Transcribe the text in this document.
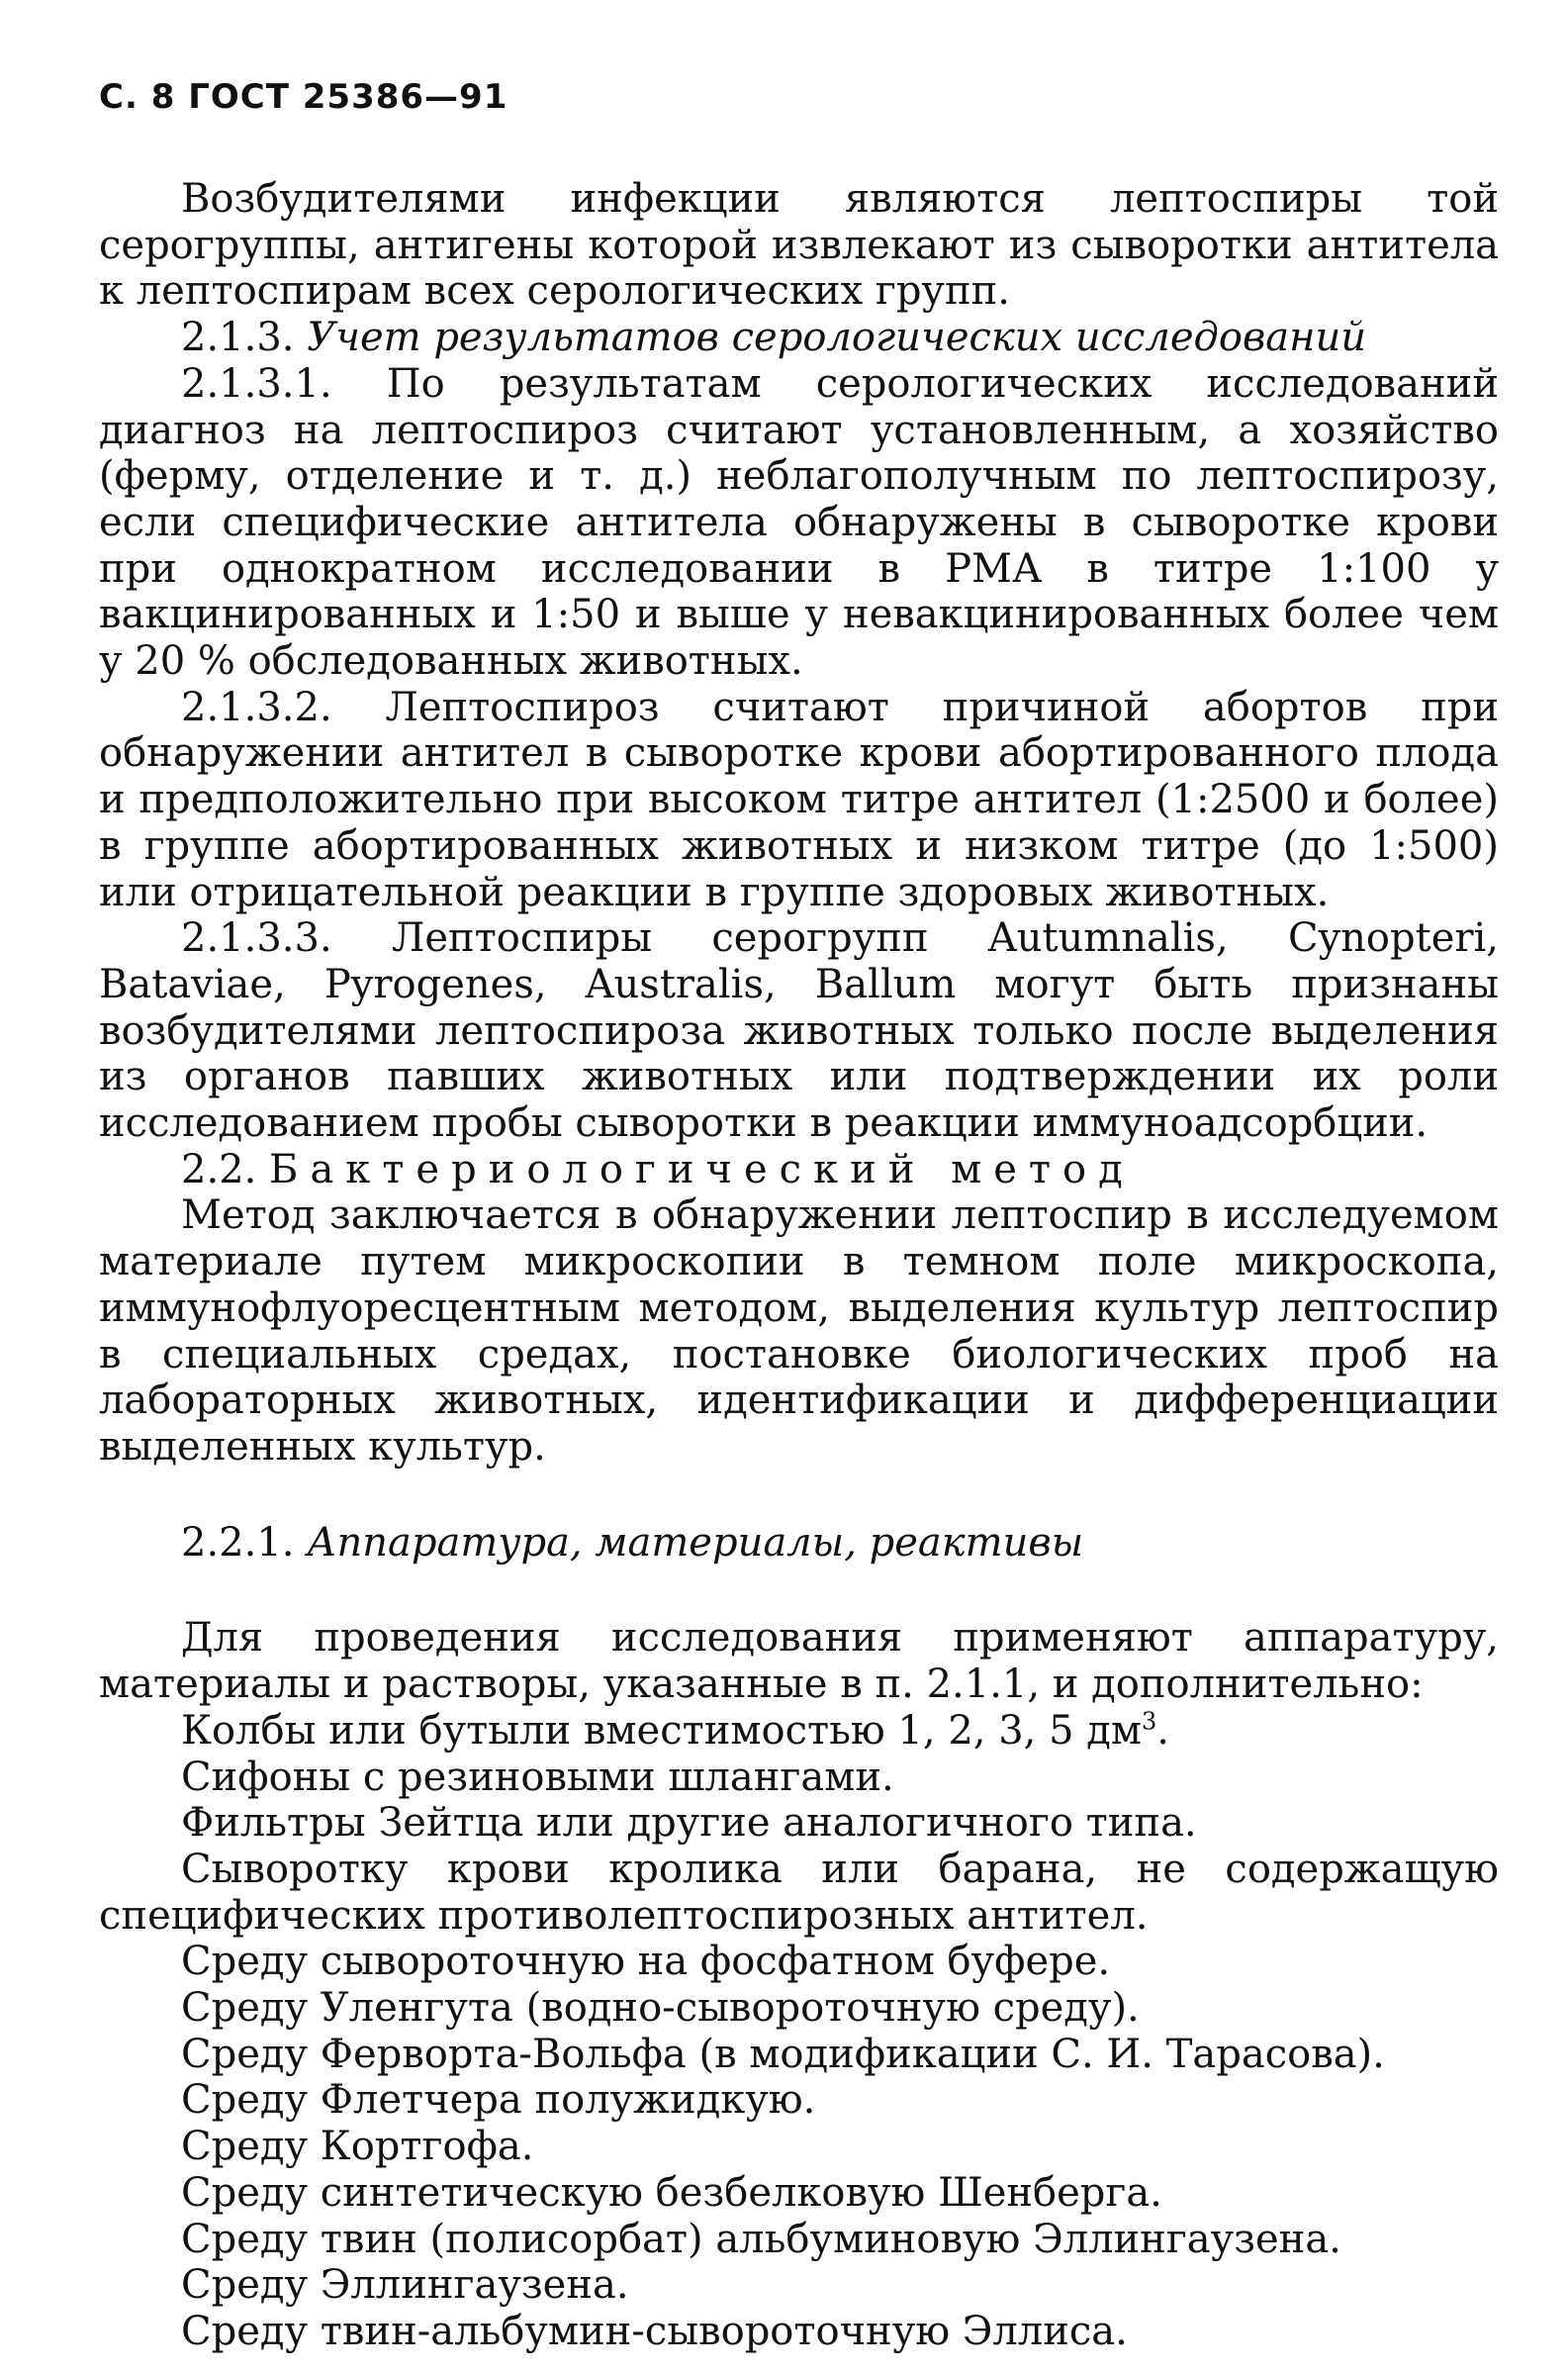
С. 8 ГОСТ 25386—91

Возбудителями инфекции являются лептоспиры той серогруппы, антигены которой извлекают из сыворотки антитела к лептоспирам всех серологических групп.

2.1.3. Учет результатов серологических исследований

2.1.3.1. По результатам серологических исследований диагноз на лептоспироз считают установленным, а хозяйство (ферму, отделение и т. д.) неблагополучным по лептоспирозу, если специфические антитела обнаружены в сыворотке крови при однократном исследовании в РМА в титре 1:100 у вакцинированных и 1:50 и выше у невакцинированных более чем у 20 % обследованных животных.

2.1.3.2. Лептоспироз считают причиной абортов при обнаружении антител в сыворотке крови абортированного плода и предположительно при высоком титре антител (1:2500 и более) в группе абортированных животных и низком титре (до 1:500) или отрицательной реакции в группе здоровых животных.

2.1.3.3. Лептоспиры серогрупп Autumnalis, Cynopteri, Bataviae, Pyrogenes, Australis, Ballum могут быть признаны возбудителями лептоспироза животных только после выделения из органов павших животных или подтверждении их роли исследованием пробы сыворотки в реакции иммуноадсорбции.

2.2. Бактериологический метод

Метод заключается в обнаружении лептоспир в исследуемом материале путем микроскопии в темном поле микроскопа, иммунофлуоресцентным методом, выделения культур лептоспир в специальных средах, постановке биологических проб на лабораторных животных, идентификации и дифференциации выделенных культур.

2.2.1. Аппаратура, материалы, реактивы

Для проведения исследования применяют аппаратуру, материалы и растворы, указанные в п. 2.1.1, и дополнительно:

Колбы или бутыли вместимостью 1, 2, 3, 5 $дм^3$.

Сифоны с резиновыми шлангами.

Фильтры Зейтца или другие аналогичного типа.

Сыворотку крови кролика или барана, не содержащую специфических противолептоспирозных антител.

Среду сывороточную на фосфатном буфере.

Среду Уленгута (водно-сывороточную среду).

Среду Ферворта-Вольфа (в модификации С. И. Тарасова).

Среду Флетчера полужидкую.

Среду Кортгофа.

Среду синтетическую безбелковую Шенберга.

Среду твин (полисорбат) альбуминовую Эллингаузена.

Среду Эллингаузена.

Среду твин-альбумин-сывороточную Эллиса.
